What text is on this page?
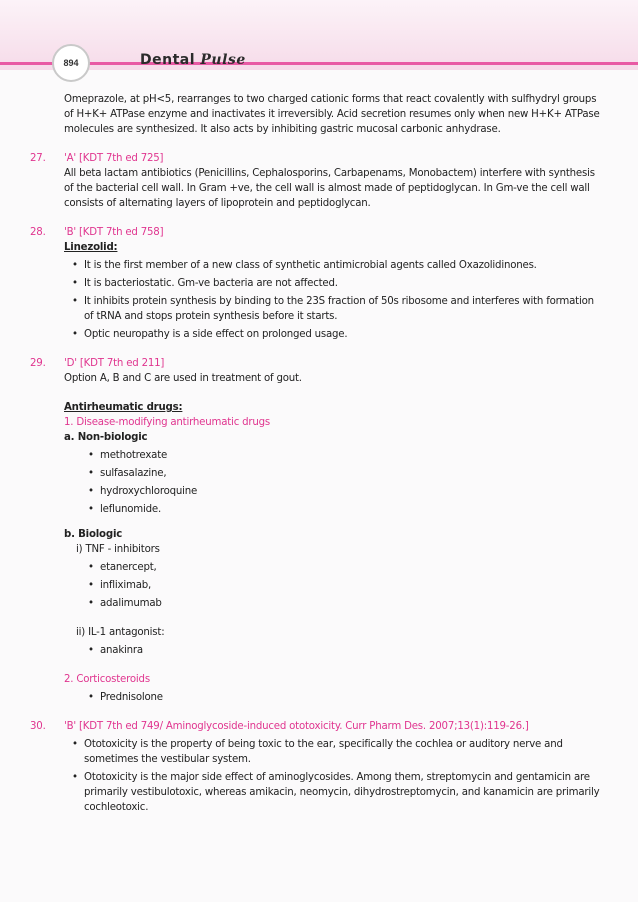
894	Dental Pulse

Omeprazole, at pH<5, rearranges to two charged cationic forms that react covalently with sulfhydryl groups of H+K+ ATPase enzyme and inactivates it irreversibly. Acid secretion resumes only when new H+K+ ATPase molecules are synthesized. It also acts by inhibiting gastric mucosal carbonic anhydrase.

27. 'A' [KDT 7th ed 725]

All beta lactam antibiotics (Penicillins, Cephalosporins, Carbapenams, Monobactem) interfere with synthesis of the bacterial cell wall. In Gram +ve, the cell wall is almost made of peptidoglycan. In Gm-ve the cell wall consists of alternating layers of lipoprotein and peptidoglycan.

28. 'B' [KDT 7th ed 758]

Linezolid:

• It is the first member of a new class of synthetic antimicrobial agents called Oxazolidinones.

• It is bacteriostatic. Gm-ve bacteria are not affected.

• It inhibits protein synthesis by binding to the 23S fraction of 50s ribosome and interferes with formation of tRNA and stops protein synthesis before it starts.

• Optic neuropathy is a side effect on prolonged usage.

29. 'D' [KDT 7th ed 211]

Option A, B and C are used in treatment of gout.

Antirheumatic drugs:

1. Disease-modifying antirheumatic drugs

a. Non-biologic

• methotrexate

• sulfasalazine,

• hydroxychloroquine

• leflunomide.

b. Biologic

i) TNF - inhibitors

• etanercept,

• infliximab,

• adalimumab

ii) IL-1 antagonist:

• anakinra

2. Corticosteroids

• Prednisolone

30. 'B' [KDT 7th ed 749/ Aminoglycoside-induced ototoxicity. Curr Pharm Des. 2007;13(1):119-26.]

• Ototoxicity is the property of being toxic to the ear, specifically the cochlea or auditory nerve and sometimes the vestibular system.

• Ototoxicity is the major side effect of aminoglycosides. Among them, streptomycin and gentamicin are primarily vestibulotoxic, whereas amikacin, neomycin, dihydrostreptomycin, and kanamicin are primarily cochleotoxic.
